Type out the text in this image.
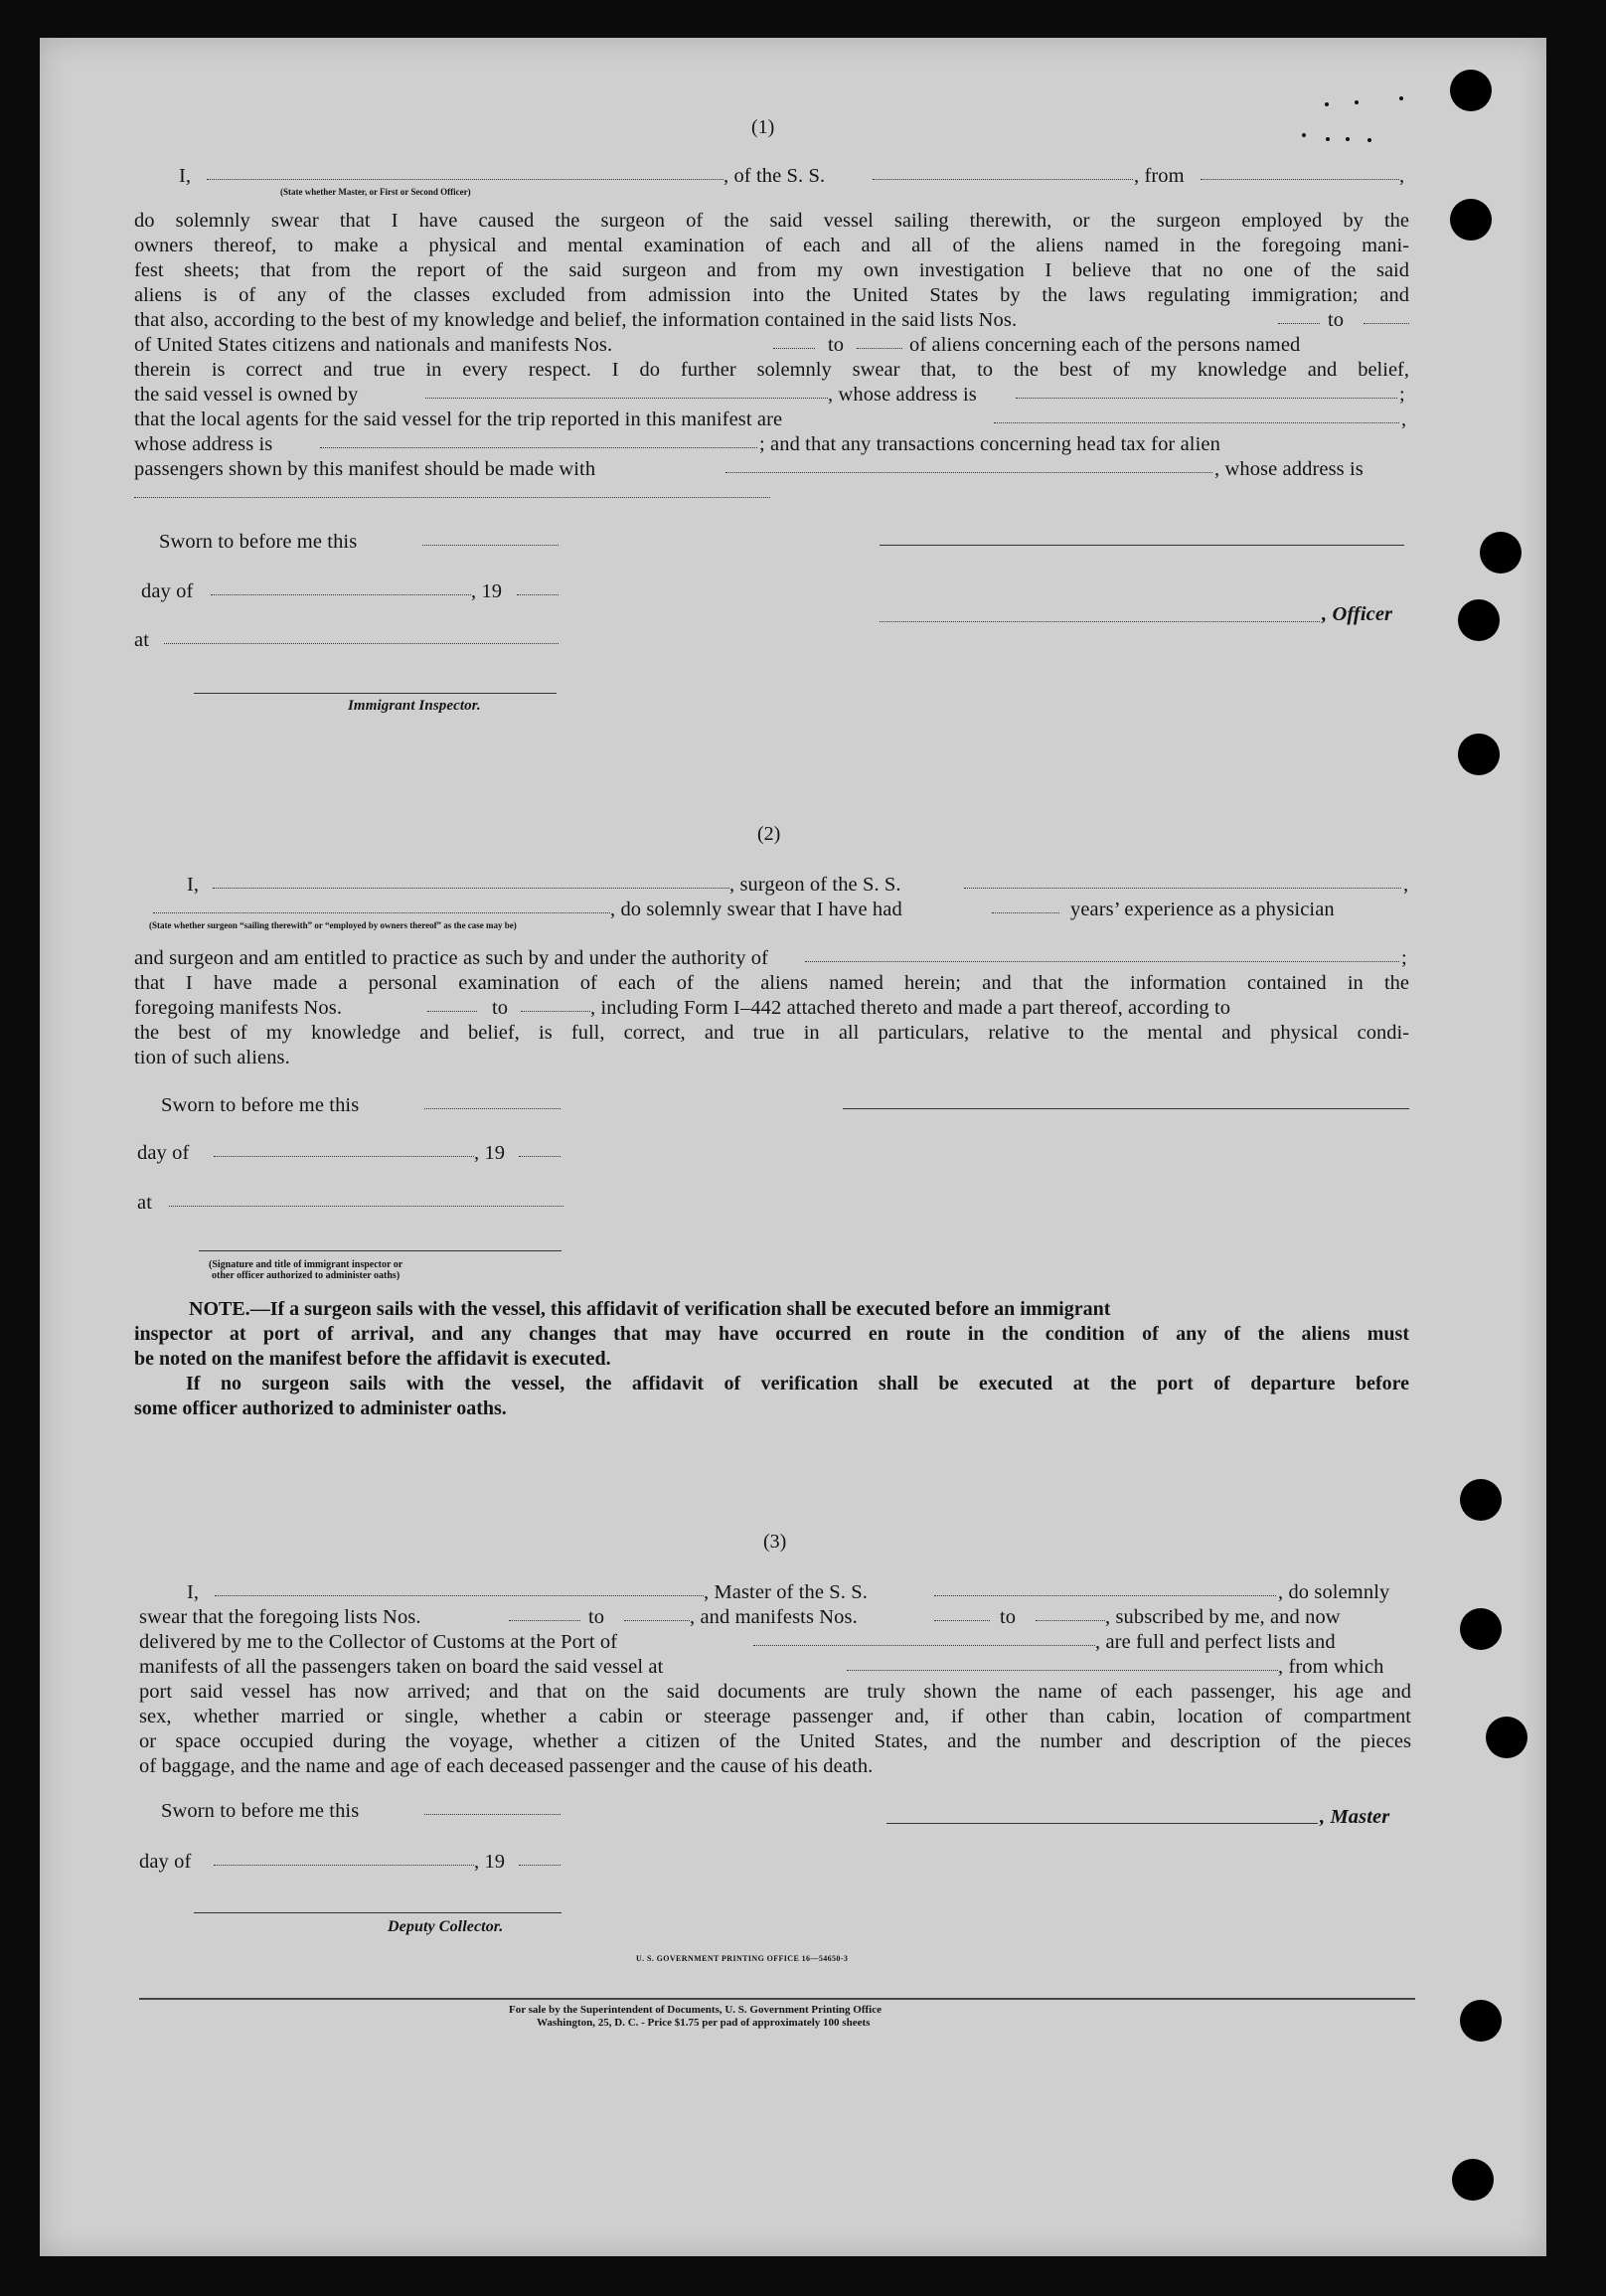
(1)
I,	, of the S. S.	, from	,
(State whether Master, or First or Second Officer)
do solemnly swear that I have caused the surgeon of the said vessel sailing therewith, or the surgeon employed by the
owners thereof, to make a physical and mental examination of each and all of the aliens named in the foregoing mani-
fest sheets; that from the report of the said surgeon and from my own investigation I believe that no one of the said
aliens is of any of the classes excluded from admission into the United States by the laws regulating immigration; and
that also, according to the best of my knowledge and belief, the information contained in the said lists Nos.	to
of United States citizens and nationals and manifests Nos.	to	of aliens concerning each of the persons named
therein is correct and true in every respect. I do further solemnly swear that, to the best of my knowledge and belief,
the said vessel is owned by	, whose address is	;
that the local agents for the said vessel for the trip reported in this manifest are	,
whose address is	; and that any transactions concerning head tax for alien
passengers shown by this manifest should be made with	, whose address is
Sworn to before me this
day of	, 19
at
Immigrant Inspector.
, Officer
(2)
I,	, surgeon of the S. S.	,
, do solemnly swear that I have had	years’ experience as a physician
(State whether surgeon “sailing therewith” or “employed by owners thereof” as the case may be)
and surgeon and am entitled to practice as such by and under the authority of	;
that I have made a personal examination of each of the aliens named herein; and that the information contained in the
foregoing manifests Nos.	to	, including Form I–442 attached thereto and made a part thereof, according to
the best of my knowledge and belief, is full, correct, and true in all particulars, relative to the mental and physical condi-
tion of such aliens.
Sworn to before me this
day of	, 19
at
(Signature and title of immigrant inspector or
other officer authorized to administer oaths)
NOTE.—If a surgeon sails with the vessel, this affidavit of verification shall be executed before an immigrant
inspector at port of arrival, and any changes that may have occurred en route in the condition of any of the aliens must
be noted on the manifest before the affidavit is executed.
If no surgeon sails with the vessel, the affidavit of verification shall be executed at the port of departure before
some officer authorized to administer oaths.
(3)
I,	, Master of the S. S.	, do solemnly
swear that the foregoing lists Nos.	to	, and manifests Nos.	to	, subscribed by me, and now
delivered by me to the Collector of Customs at the Port of	, are full and perfect lists and
manifests of all the passengers taken on board the said vessel at	, from which
port said vessel has now arrived; and that on the said documents are truly shown the name of each passenger, his age and
sex, whether married or single, whether a cabin or steerage passenger and, if other than cabin, location of compartment
or space occupied during the voyage, whether a citizen of the United States, and the number and description of the pieces
of baggage, and the name and age of each deceased passenger and the cause of his death.
Sworn to before me this
day of	, 19
Deputy Collector.
, Master
U. S. GOVERNMENT PRINTING OFFICE 16—54650-3
For sale by the Superintendent of Documents, U. S. Government Printing Office
Washington, 25, D. C. - Price $1.75 per pad of approximately 100 sheets
